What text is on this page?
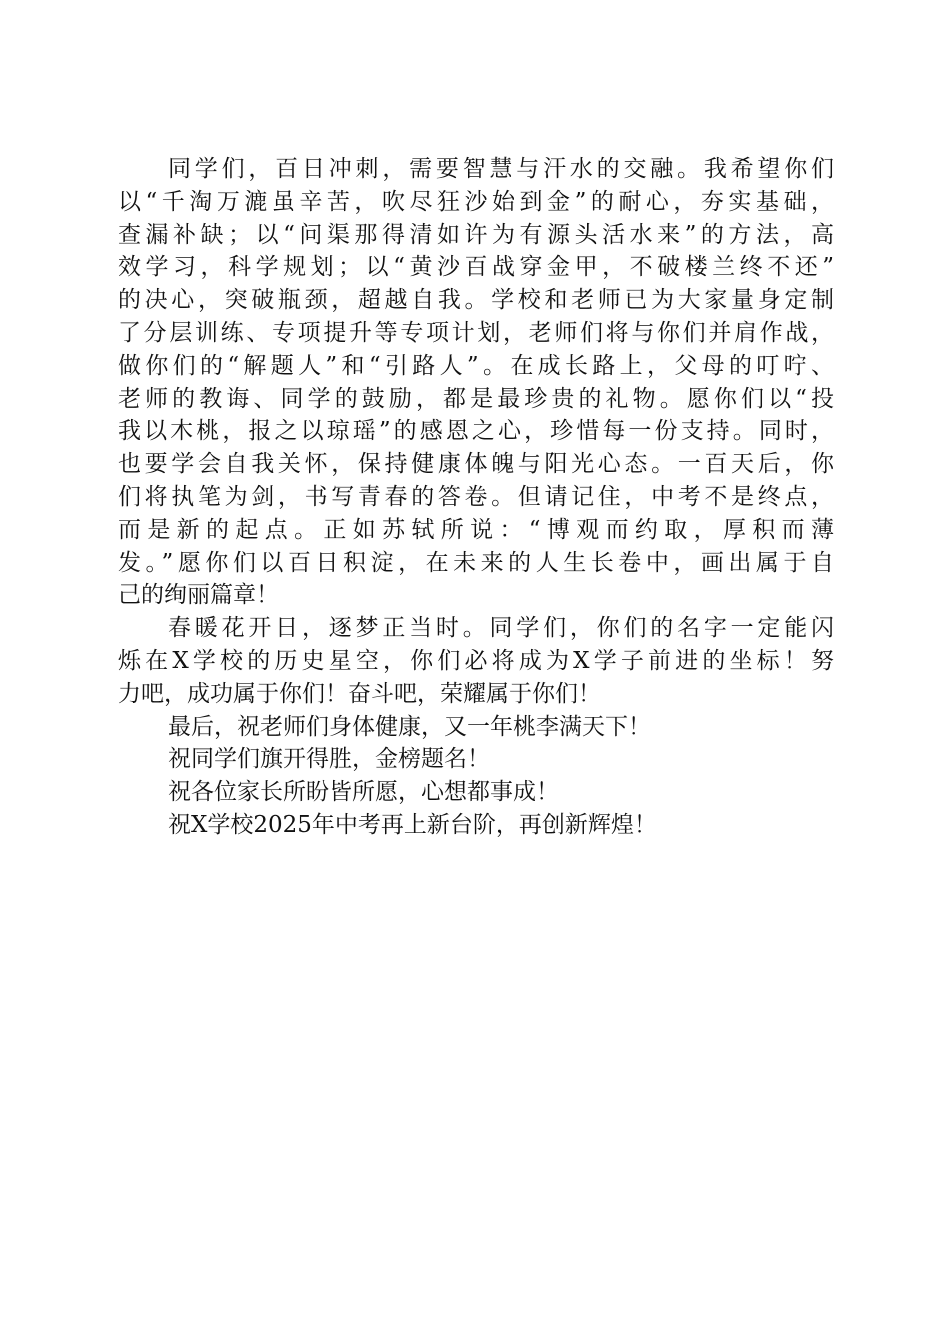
同学们，百日冲刺，需要智慧与汗水的交融。我希望你们
以“千淘万漉虽辛苦，吹尽狂沙始到金”的耐心，夯实基础，
查漏补缺；以“问渠那得清如许为有源头活水来”的方法，高
效学习，科学规划；以“黄沙百战穿金甲，不破楼兰终不还”
的决心，突破瓶颈，超越自我。学校和老师已为大家量身定制
了分层训练、专项提升等专项计划，老师们将与你们并肩作战，
做你们的“解题人”和“引路人”。在成长路上，父母的叮咛、
老师的教诲、同学的鼓励，都是最珍贵的礼物。愿你们以“投
我以木桃，报之以琼瑶”的感恩之心，珍惜每一份支持。同时，
也要学会自我关怀，保持健康体魄与阳光心态。一百天后，你
们将执笔为剑，书写青春的答卷。但请记住，中考不是终点，
而是新的起点。正如苏轼所说：“博观而约取，厚积而薄
发。”愿你们以百日积淀，在未来的人生长卷中，画出属于自
己的绚丽篇章！
春暖花开日，逐梦正当时。同学们，你们的名字一定能闪
烁在X学校的历史星空，你们必将成为X学子前进的坐标！努
力吧，成功属于你们！奋斗吧，荣耀属于你们！
最后，祝老师们身体健康，又一年桃李满天下！
祝同学们旗开得胜，金榜题名！
祝各位家长所盼皆所愿，心想都事成！
祝X学校2025年中考再上新台阶，再创新辉煌！
